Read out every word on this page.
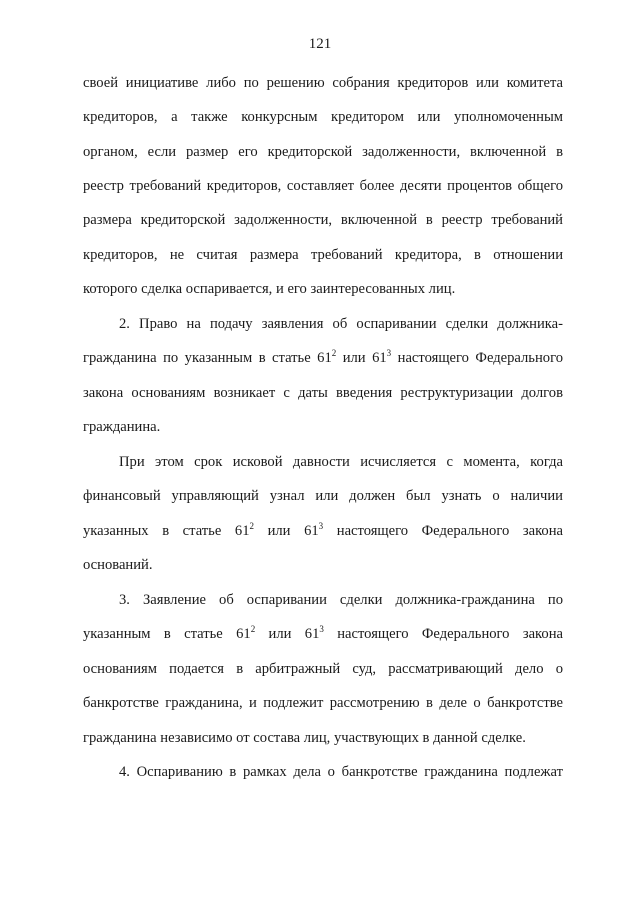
121
своей инициативе либо по решению собрания кредиторов или комитета
кредиторов, а также конкурсным кредитором или уполномоченным
органом, если размер его кредиторской задолженности, включенной в
реестр требований кредиторов, составляет более десяти процентов общего
размера кредиторской задолженности, включенной в реестр требований
кредиторов, не считая размера требований кредитора, в отношении
которого сделка оспаривается, и его заинтересованных лиц.
2. Право на подачу заявления об оспаривании сделки должника-
гражданина по указанным в статье $61^2$ или $61^3$ настоящего Федерального
закона основаниям возникает с даты введения реструктуризации долгов
гражданина.
При этом срок исковой давности исчисляется с момента, когда
финансовый управляющий узнал или должен был узнать о наличии
указанных в статье $61^2$ или $61^3$ настоящего Федерального закона
оснований.
3. Заявление об оспаривании сделки должника-гражданина по
указанным в статье $61^2$ или $61^3$ настоящего Федерального закона
основаниям подается в арбитражный суд, рассматривающий дело о
банкротстве гражданина, и подлежит рассмотрению в деле о банкротстве
гражданина независимо от состава лиц, участвующих в данной сделке.
4. Оспариванию в рамках дела о банкротстве гражданина подлежат
